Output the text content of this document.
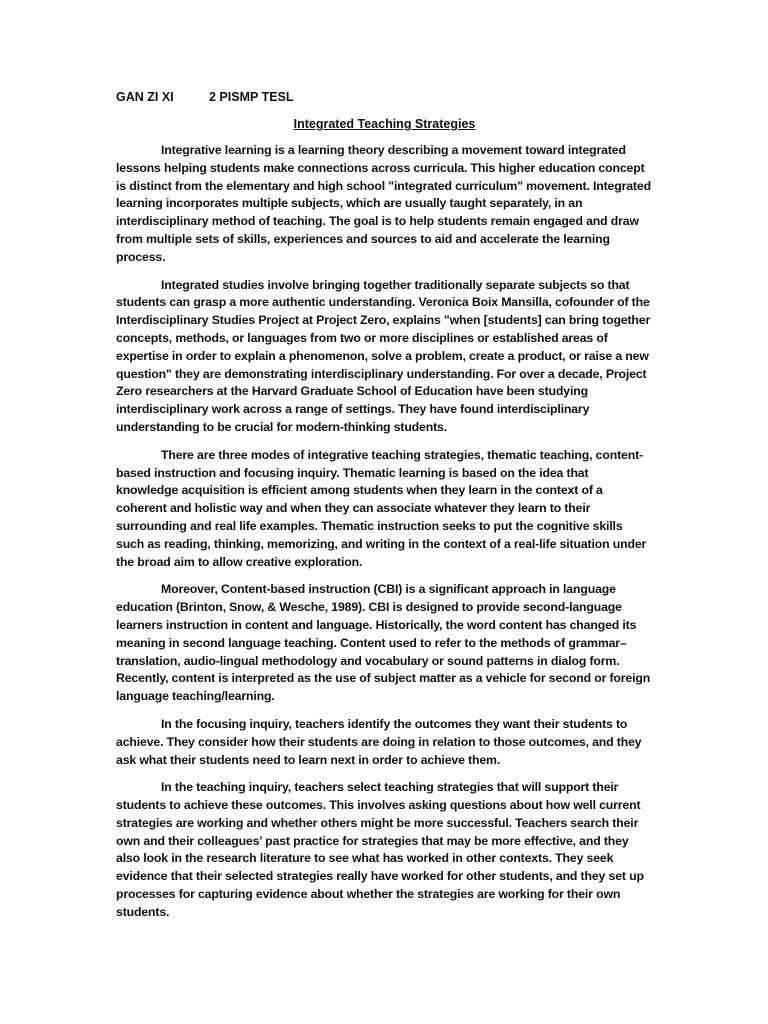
GAN ZI XI	2 PISMP TESL
Integrated Teaching Strategies

Integrative learning is a learning theory describing a movement toward integrated lessons helping students make connections across curricula. This higher education concept is distinct from the elementary and high school "integrated curriculum" movement. Integrated learning incorporates multiple subjects, which are usually taught separately, in an interdisciplinary method of teaching. The goal is to help students remain engaged and draw from multiple sets of skills, experiences and sources to aid and accelerate the learning process.

Integrated studies involve bringing together traditionally separate subjects so that students can grasp a more authentic understanding. Veronica Boix Mansilla, cofounder of the Interdisciplinary Studies Project at Project Zero, explains "when [students] can bring together concepts, methods, or languages from two or more disciplines or established areas of expertise in order to explain a phenomenon, solve a problem, create a product, or raise a new question" they are demonstrating interdisciplinary understanding. For over a decade, Project Zero researchers at the Harvard Graduate School of Education have been studying interdisciplinary work across a range of settings. They have found interdisciplinary understanding to be crucial for modern-thinking students.

There are three modes of integrative teaching strategies, thematic teaching, content-based instruction and focusing inquiry. Thematic learning is based on the idea that knowledge acquisition is efficient among students when they learn in the context of a coherent and holistic way and when they can associate whatever they learn to their surrounding and real life examples. Thematic instruction seeks to put the cognitive skills such as reading, thinking, memorizing, and writing in the context of a real-life situation under the broad aim to allow creative exploration.

Moreover, Content-based instruction (CBI) is a significant approach in language education (Brinton, Snow, & Wesche, 1989). CBI is designed to provide second-language learners instruction in content and language. Historically, the word content has changed its meaning in second language teaching. Content used to refer to the methods of grammar–translation, audio-lingual methodology and vocabulary or sound patterns in dialog form. Recently, content is interpreted as the use of subject matter as a vehicle for second or foreign language teaching/learning.

In the focusing inquiry, teachers identify the outcomes they want their students to achieve. They consider how their students are doing in relation to those outcomes, and they ask what their students need to learn next in order to achieve them.

In the teaching inquiry, teachers select teaching strategies that will support their students to achieve these outcomes. This involves asking questions about how well current strategies are working and whether others might be more successful. Teachers search their own and their colleagues’ past practice for strategies that may be more effective, and they also look in the research literature to see what has worked in other contexts. They seek evidence that their selected strategies really have worked for other students, and they set up processes for capturing evidence about whether the strategies are working for their own students.
